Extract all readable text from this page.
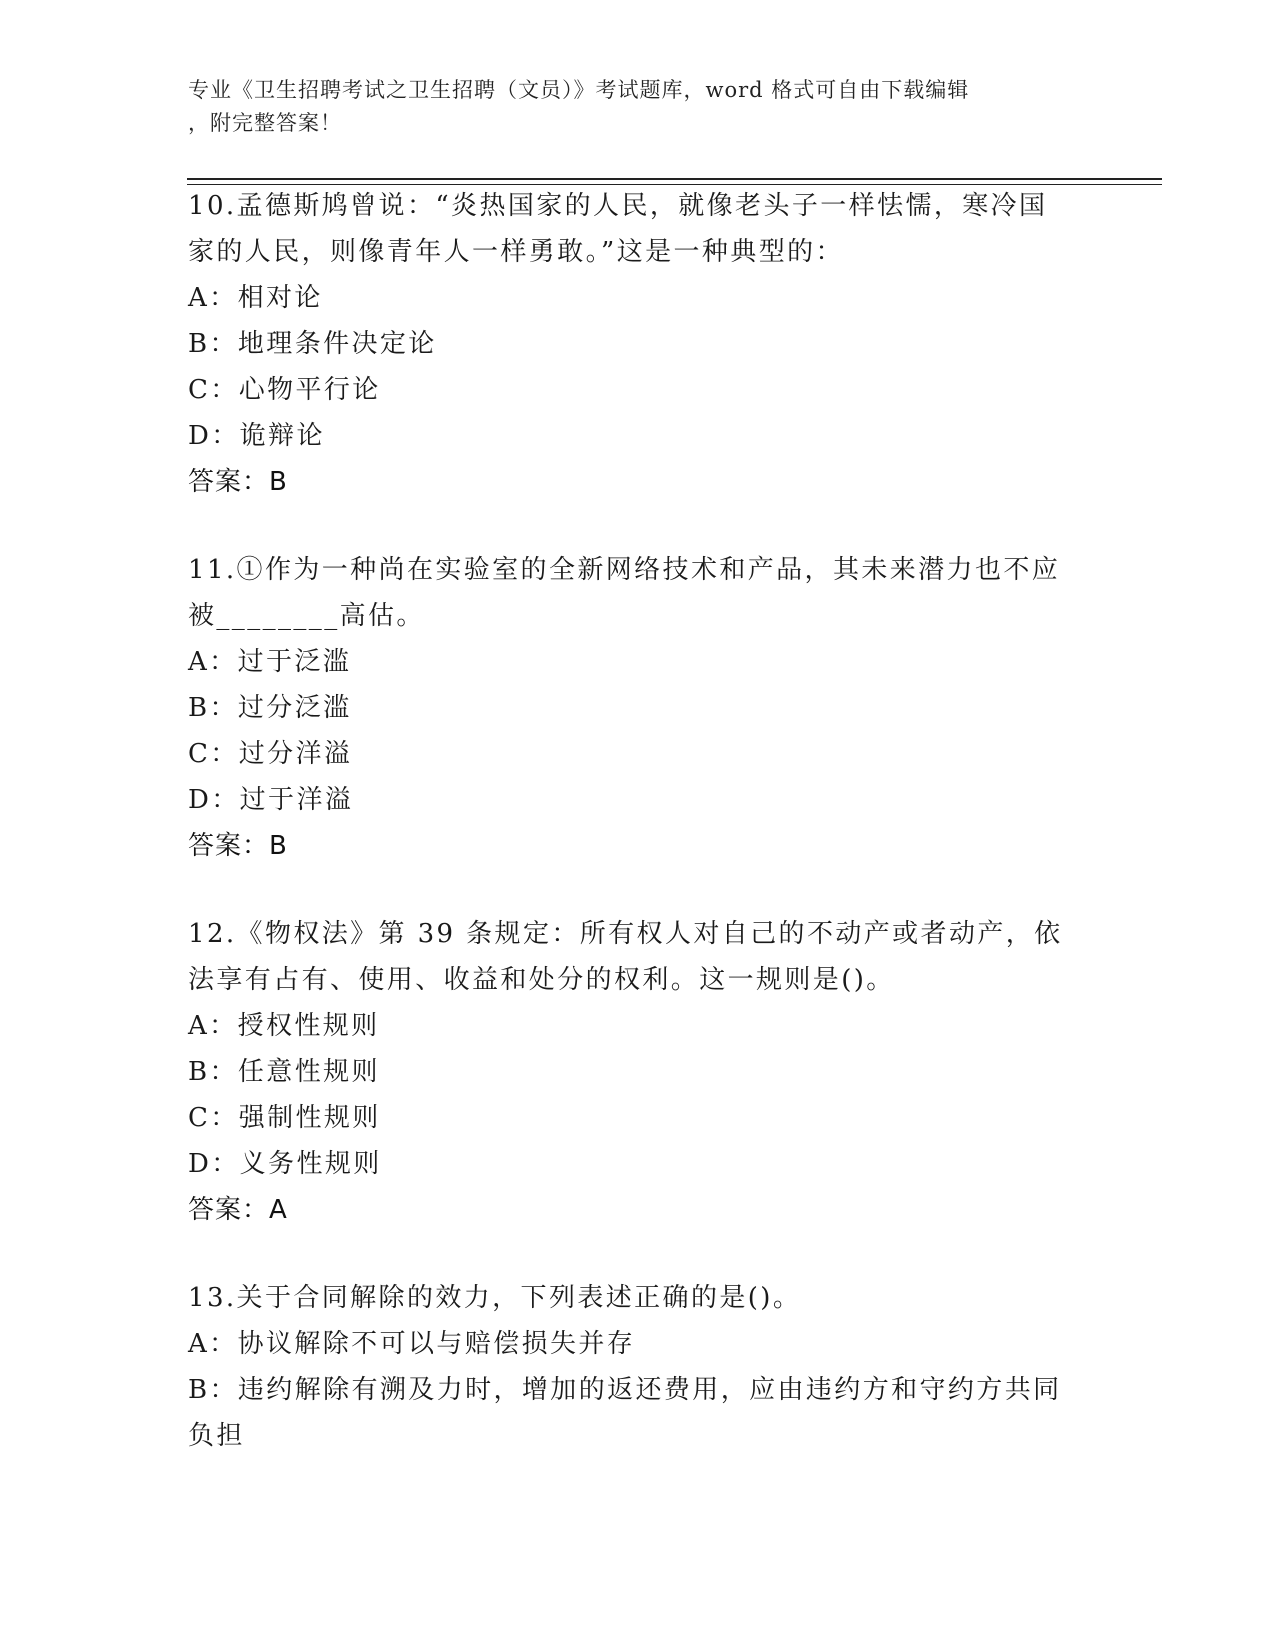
专业《卫生招聘考试之卫生招聘（文员）》考试题库，word 格式可自由下载编辑
，附完整答案！

10.孟德斯鸠曾说：“炎热国家的人民，就像老头子一样怯懦，寒冷国

家的人民，则像青年人一样勇敢。”这是一种典型的：

A：相对论

B：地理条件决定论

C：心物平行论

D：诡辩论

答案：B

11.①作为一种尚在实验室的全新网络技术和产品，其未来潜力也不应

被________高估。

A：过于泛滥

B：过分泛滥

C：过分洋溢

D：过于洋溢

答案：B

12.《物权法》第 39 条规定：所有权人对自己的不动产或者动产，依

法享有占有、使用、收益和处分的权利。这一规则是()。

A：授权性规则

B：任意性规则

C：强制性规则

D：义务性规则

答案：A

13.关于合同解除的效力，下列表述正确的是()。

A：协议解除不可以与赔偿损失并存

B：违约解除有溯及力时，增加的返还费用，应由违约方和守约方共同

负担
